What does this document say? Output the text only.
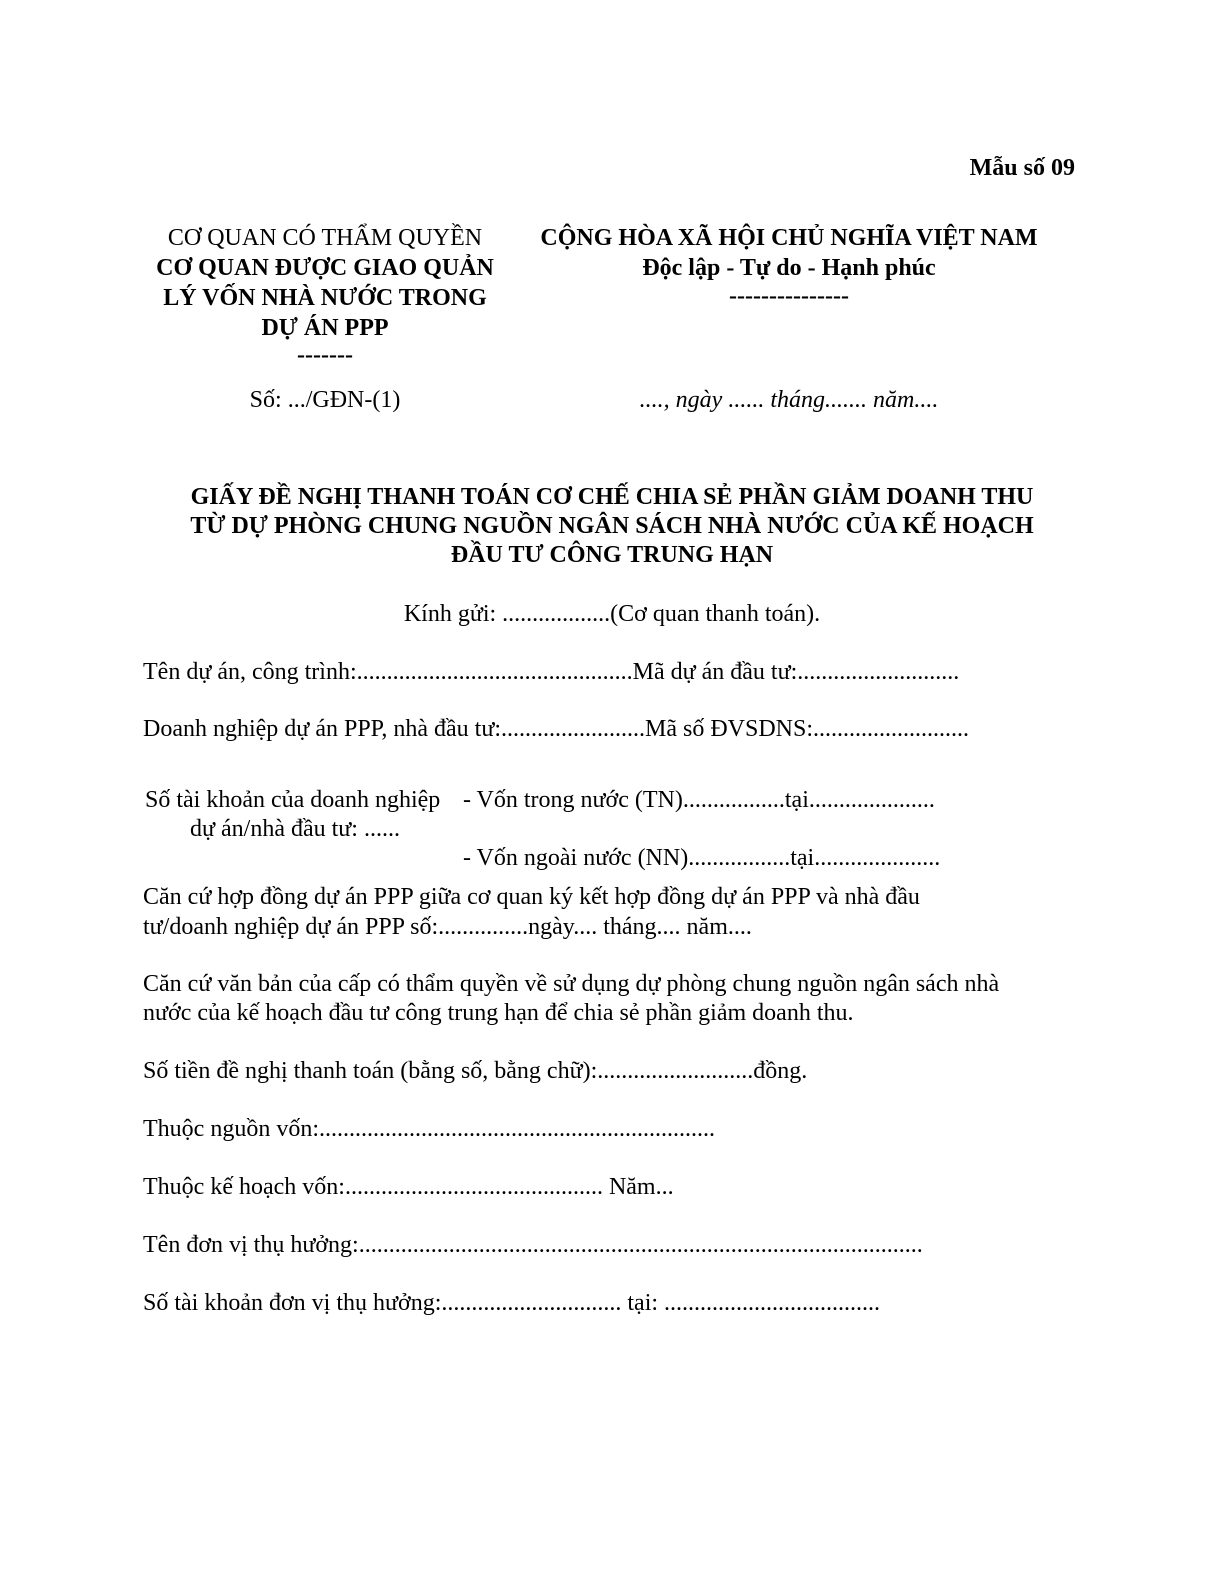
Mẫu số 09
CƠ QUAN CÓ THẨM QUYỀN
CƠ QUAN ĐƯỢC GIAO QUẢN
LÝ VỐN NHÀ NƯỚC TRONG
DỰ ÁN PPP
-------
Số: .../GĐN-(1)
CỘNG HÒA XÃ HỘI CHỦ NGHĨA VIỆT NAM
Độc lập - Tự do - Hạnh phúc
---------------
...., ngày ...... tháng....... năm....
GIẤY ĐỀ NGHỊ THANH TOÁN CƠ CHẾ CHIA SẺ PHẦN GIẢM DOANH THU
TỪ DỰ PHÒNG CHUNG NGUỒN NGÂN SÁCH NHÀ NƯỚC CỦA KẾ HOẠCH
ĐẦU TƯ CÔNG TRUNG HẠN
Kính gửi: ..................(Cơ quan thanh toán).
Tên dự án, công trình:..............................................Mã dự án đầu tư:...........................
Doanh nghiệp dự án PPP, nhà đầu tư:........................Mã số ĐVSDNS:..........................
Số tài khoản của doanh nghiệp - Vốn trong nước (TN).................tại.....................
dự án/nhà đầu tư: ......
- Vốn ngoài nước (NN).................tại.....................
Căn cứ hợp đồng dự án PPP giữa cơ quan ký kết hợp đồng dự án PPP và nhà đầu
tư/doanh nghiệp dự án PPP số:...............ngày.... tháng.... năm....
Căn cứ văn bản của cấp có thẩm quyền về sử dụng dự phòng chung nguồn ngân sách nhà
nước của kế hoạch đầu tư công trung hạn để chia sẻ phần giảm doanh thu.
Số tiền đề nghị thanh toán (bằng số, bằng chữ):..........................đồng.
Thuộc nguồn vốn:..................................................................
Thuộc kế hoạch vốn:........................................... Năm...
Tên đơn vị thụ hưởng:..............................................................................................
Số tài khoản đơn vị thụ hưởng:.............................. tại: ....................................
